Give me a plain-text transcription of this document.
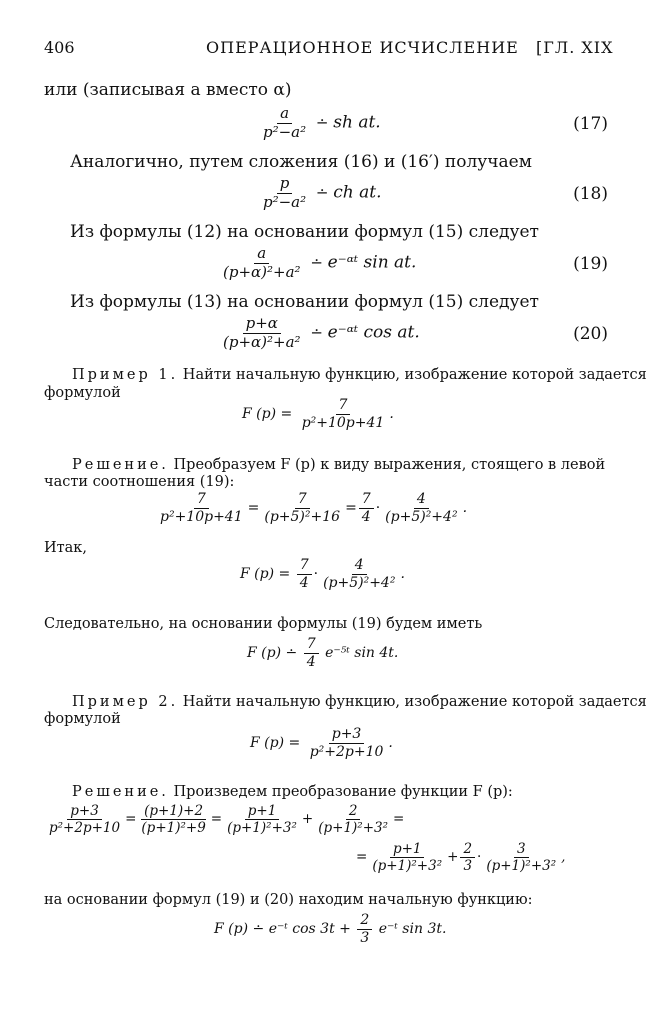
406	ОПЕРАЦИОННОЕ ИСЧИСЛЕНИЕ [ГЛ. XIX
или (записывая a вместо α)
$\frac{a}{\text{p²−a²}}$ ∸ sh at.	(17)
Аналогично, путем сложения (16) и (16′) получаем
$\frac{p}{\text{p²−a²}}$ ∸ ch at.	(18)
Из формулы (12) на основании формул (15) следует
$\frac{a}{\text{(p+α)²+a²}}$ ∸ e⁻ᵅᵗ sin at.	(19)
Из формулы (13) на основании формул (15) следует
$\frac{p+\alpha}{\text{(p+α)²+a²}}$ ∸ e⁻ᵅᵗ cos at.	(20)
Пример 1. Найти начальную функцию, изображение которой задается
формулой
F $(p) = \frac{7}{\text{p²+10p+41}}$ .
Решение. Преобразуем F (p) к виду выражения, стоящего в левой
части соотношения (19):
$\frac{7}{\text{p²+10p+41}} = \frac{7}{\text{(p+5)²+16}} = \frac{7}{4} \cdot \frac{4}{\text{(p+5)²+4²}}$ .
Итак,
F $(p) = \frac{7}{4} \cdot \frac{4}{\text{(p+5)²+4²}}$ .
Следовательно, на основании формулы (19) будем иметь
F (p) ∸ $\frac{7}{4}$ e⁻⁵ᵗ sin 4t.
Пример 2. Найти начальную функцию, изображение которой задается
формулой
F $(p) = \frac{p+3}{\text{p²+2p+10}}$ .
Решение. Произведем преобразование функции F (p):
$\frac{p+3}{\text{p²+2p+10}} = \frac{(p+1)+2}{\text{(p+1)²+9}} = \frac{p+1}{\text{(p+1)²+3²}} + \frac{2}{\text{(p+1)²+3²}}$ =
= $\frac{p+1}{\text{(p+1)²+3²}} + \frac{2}{3} \cdot \frac{3}{\text{(p+1)²+3²}}$ ,
на основании формул (19) и (20) находим начальную функцию:
F (p) ∸ e⁻ᵗ $\cos 3t + \frac{2}{3}$ e⁻ᵗ sin 3t.
